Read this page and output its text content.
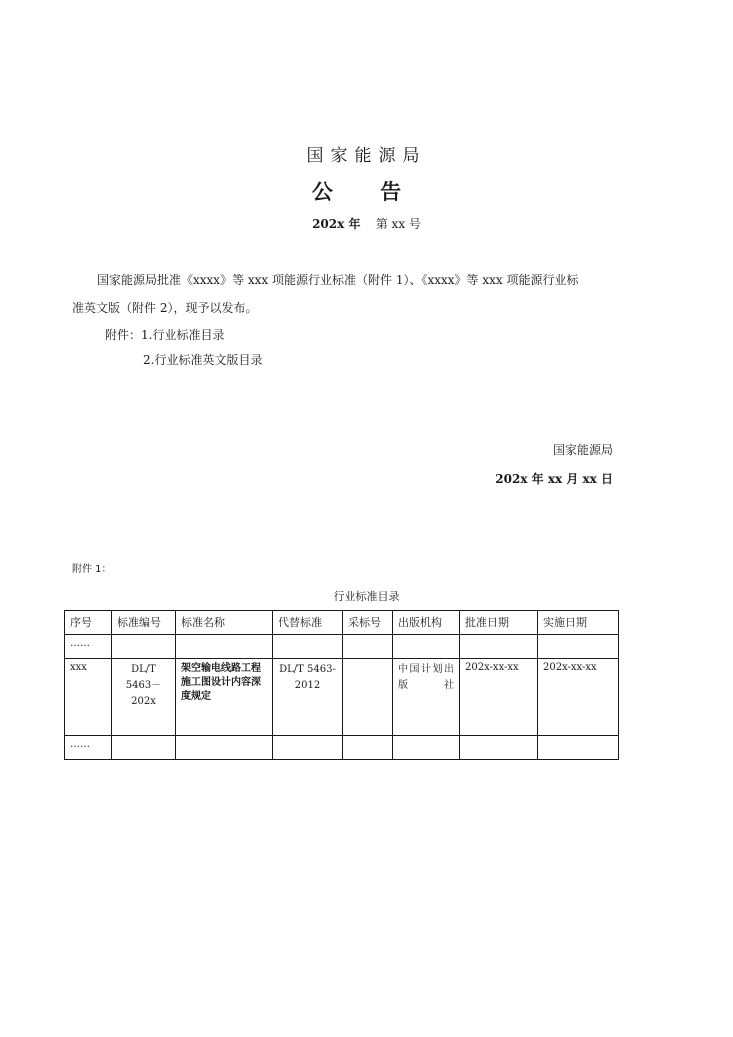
国家能源局
公 告
202x 年 第 xx 号
国家能源局批准《xxxx》等 xxx 项能源行业标准（附件 1）、《xxxx》等 xxx 项能源行业标
准英文版（附件 2），现予以发布。
附件：1.行业标准目录
2.行业标准英文版目录
国家能源局
202x 年 xx 月 xx 日
附件 1：
行业标准目录
序号	标准编号	标准名称	代替标准	采标号	出版机构	批准日期	实施日期
……							
xxx	DL/T 5463－202x	架空输电线路工程施工图设计内容深度规定	DL/T 5463-2012		中国计划出版社	202x-xx-xx	202x-xx-xx
……							
